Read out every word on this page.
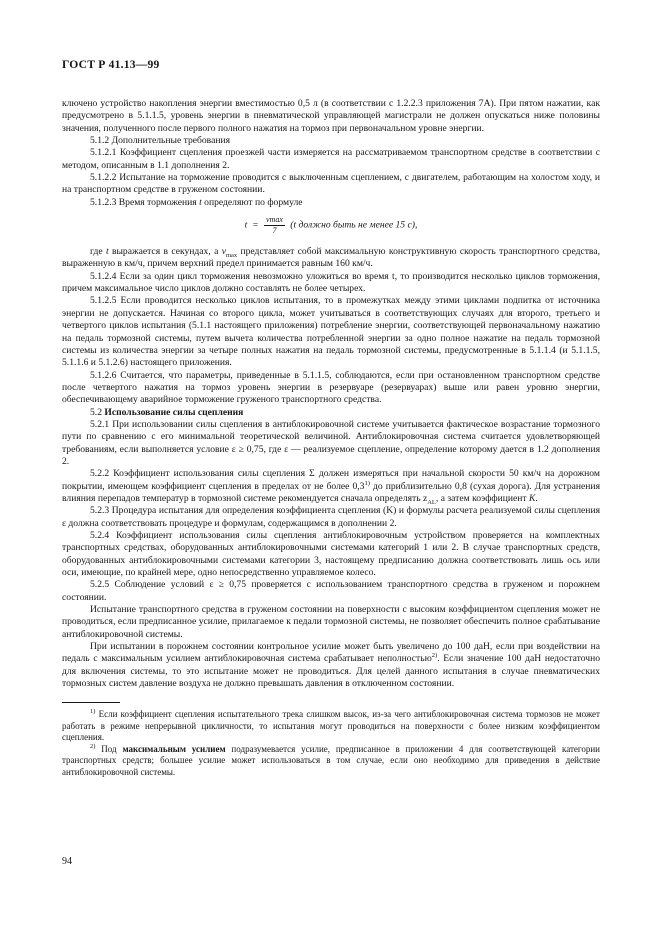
ГОСТ Р 41.13—99

ключено устройство накопления энергии вместимостью 0,5 л (в соответствии с 1.2.2.3 приложения 7А). При пятом нажатии, как предусмотрено в 5.1.1.5, уровень энергии в пневматической управляющей магистрали не должен опускаться ниже половины значения, полученного после первого полного нажатия на тормоз при первоначальном уровне энергии.

5.1.2 Дополнительные требования

5.1.2.1 Коэффициент сцепления проезжей части измеряется на рассматриваемом транспортном средстве в соответствии с методом, описанным в 1.1 дополнения 2.

5.1.2.2 Испытание на торможение проводится с выключенным сцеплением, с двигателем, работающим на холостом ходу, и на транспортном средстве в груженом состоянии.

5.1.2.3 Время торможения t определяют по формуле

$t = \frac{vmax}{7} (t$ должно быть не менее 15 с),

где t выражается в секундах, а $v_{max}$ представляет собой максимальную конструктивную скорость транспортного средства, выраженную в км/ч, причем верхний предел принимается равным 160 км/ч.

5.1.2.4 Если за один цикл торможения невозможно уложиться во время t, то производится несколько циклов торможения, причем максимальное число циклов должно составлять не более четырех.

5.1.2.5 Если проводится несколько циклов испытания, то в промежутках между этими циклами подпитка от источника энергии не допускается. Начиная со второго цикла, может учитываться в соответствующих случаях для второго, третьего и четвертого циклов испытания (5.1.1 настоящего приложения) потребление энергии, соответствующей первоначальному нажатию на педаль тормозной системы, путем вычета количества потребленной энергии за одно полное нажатие на педаль тормозной системы из количества энергии за четыре полных нажатия на педаль тормозной системы, предусмотренные в 5.1.1.4 (и 5.1.1.5, 5.1.1.6 и 5.1.2.6) настоящего приложения.

5.1.2.6 Считается, что параметры, приведенные в 5.1.1.5, соблюдаются, если при остановленном транспортном средстве после четвертого нажатия на тормоз уровень энергии в резервуаре (резервуарах) выше или равен уровню энергии, обеспечивающему аварийное торможение груженого транспортного средства.

5.2 Использование силы сцепления

5.2.1 При использовании силы сцепления в антиблокировочной системе учитывается фактическое возрастание тормозного пути по сравнению с его минимальной теоретической величиной. Антиблокировочная система считается удовлетворяющей требованиям, если выполняется условие ε ≥ 0,75, где ε — реализуемое сцепление, определение которому дается в 1.2 дополнения 2.

5.2.2 Коэффициент использования силы сцепления Σ должен измеряться при начальной скорости 50 км/ч на дорожном покрытии, имеющем коэффициент сцепления в пределах от не более 0,3$^{1)}$ до приблизительно 0,8 (сухая дорога). Для устранения влияния перепадов температур в тормозной системе рекомендуется сначала определять $z_{AL}$, а затем коэффициент K.

5.2.3 Процедура испытания для определения коэффициента сцепления (K) и формулы расчета реализуемой силы сцепления ε должна соответствовать процедуре и формулам, содержащимся в дополнении 2.

5.2.4 Коэффициент использования силы сцепления антиблокировочным устройством проверяется на комплектных транспортных средствах, оборудованных антиблокировочными системами категорий 1 или 2. В случае транспортных средств, оборудованных антиблокировочными системами категории 3, настоящему предписанию должна соответствовать лишь ось или оси, имеющие, по крайней мере, одно непосредственно управляемое колесо.

5.2.5 Соблюдение условий ε ≥ 0,75 проверяется с использованием транспортного средства в груженом и порожнем состоянии.

Испытание транспортного средства в груженом состоянии на поверхности с высоким коэффициентом сцепления может не проводиться, если предписанное усилие, прилагаемое к педали тормозной системы, не позволяет обеспечить полное срабатывание антиблокировочной системы.

При испытании в порожнем состоянии контрольное усилие может быть увеличено до 100 даН, если при воздействии на педаль с максимальным усилием антиблокировочная система срабатывает неполностью$^{2)}$. Если значение 100 даН недостаточно для включения системы, то это испытание может не проводиться. Для целей данного испытания в случае пневматических тормозных систем давление воздуха не должно превышать давления в отключенном состоянии.

$^{1)}$ Если коэффициент сцепления испытательного трека слишком высок, из-за чего антиблокировочная система тормозов не может работать в режиме непрерывной цикличности, то испытания могут проводиться на поверхности с более низким коэффициентом сцепления.

$^{2)}$ Под максимальным усилием подразумевается усилие, предписанное в приложении 4 для соответствующей категории транспортных средств; большее усилие может использоваться в том случае, если оно необходимо для приведения в действие антиблокировочной системы.

94
